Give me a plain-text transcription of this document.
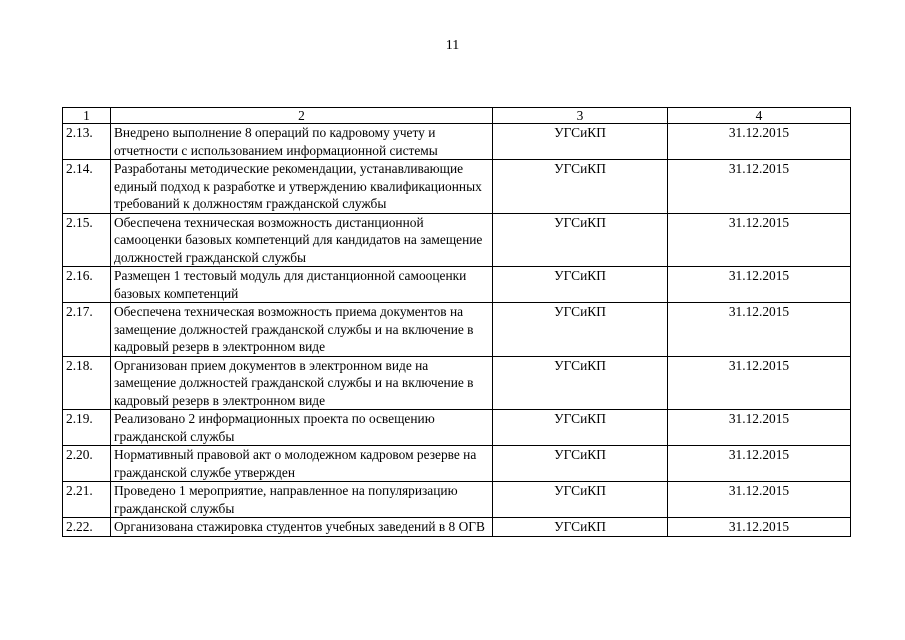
11
1	2	3	4
2.13.	Внедрено выполнение 8 операций по кадровому учету и отчетности с использованием информационной системы	УГСиКП	31.12.2015
2.14.	Разработаны методические рекомендации, устанавливающие единый подход к разработке и утверждению квалификационных требований к должностям гражданской службы	УГСиКП	31.12.2015
2.15.	Обеспечена техническая возможность дистанционной самооценки базовых компетенций для кандидатов на замещение должностей гражданской службы	УГСиКП	31.12.2015
2.16.	Размещен 1 тестовый модуль для дистанционной самооценки базовых компетенций	УГСиКП	31.12.2015
2.17.	Обеспечена техническая возможность приема документов на замещение должностей гражданской службы и на включение в кадровый резерв в электронном виде	УГСиКП	31.12.2015
2.18.	Организован прием документов в электронном виде на замещение должностей гражданской службы и на включение в кадровый резерв в электронном виде	УГСиКП	31.12.2015
2.19.	Реализовано 2 информационных проекта по освещению гражданской службы	УГСиКП	31.12.2015
2.20.	Нормативный правовой акт о молодежном кадровом резерве на гражданской службе утвержден	УГСиКП	31.12.2015
2.21.	Проведено 1 мероприятие, направленное на популяризацию гражданской службы	УГСиКП	31.12.2015
2.22.	Организована стажировка студентов учебных заведений в 8 ОГВ	УГСиКП	31.12.2015
